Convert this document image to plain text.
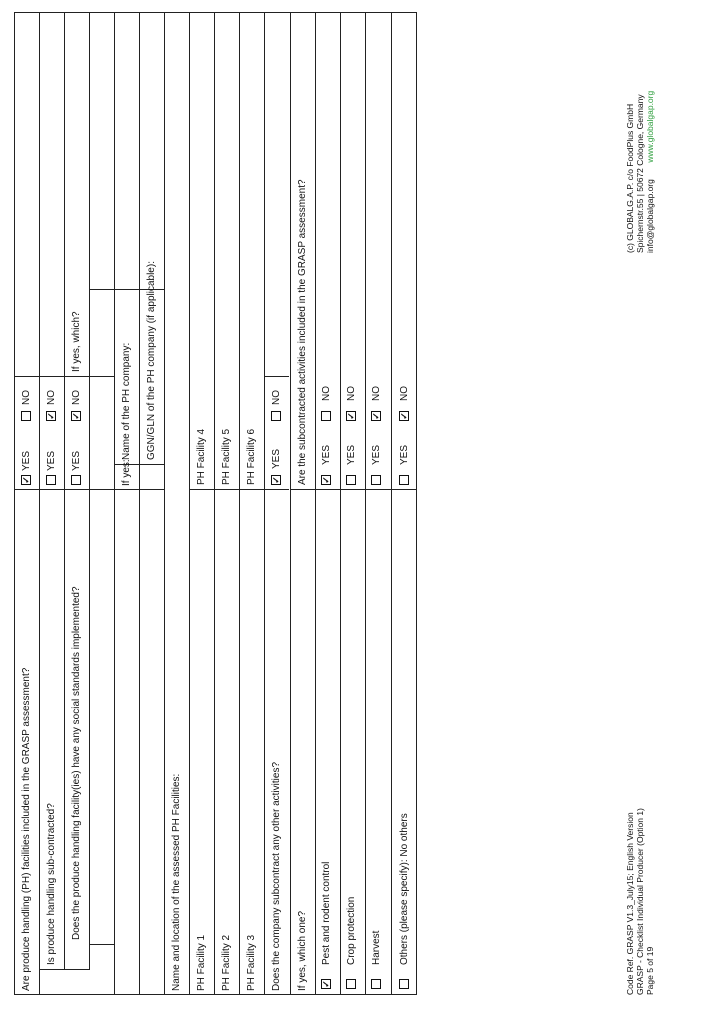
Are produce handling (PH) facilities included in the GRASP assessment?
✓
YES
NO
Is produce handling sub-contracted?
YES
✓
NO
Does the produce handling facility(ies) have any social standards implemented?
YES
✓
NO
If yes, which?
If yes:
Name of the PH company: GGN/GLN of the PH company (if applicable):
Name and location of the assessed PH Facilities: PH Facility 1
PH Facility 4
PH Facility 2
PH Facility 5
PH Facility 3
PH Facility 6
Does the company subcontract any other activities?
✓
YES
NO
If yes, which one?
Are the subcontracted activities included in the GRASP assessment?
✓
Pest and rodent control
✓
YES
NO
Crop protection
YES
✓
NO
Harvest
YES
✓
NO
Others (please specify): No others
YES
✓
NO
Code Ref. GRASP V1.3_July15; English Version GRASP - Checklist Individual Producer (Option 1) Page 5 of 19
(c) GLOBALG.A.P. c/o FoodPlus GmbH Spichernstr.55 | 50672 Cologne, Germany info@globalgap.org       www.globalgap.org
